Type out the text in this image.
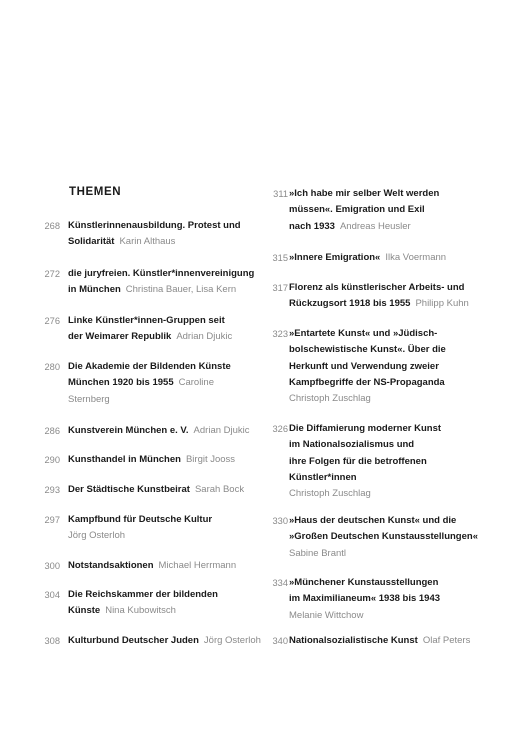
THEMEN
268 Künstlerinnenausbildung. Protest und
Solidarität Karin Althaus
272 die juryfreien. Künstler*innenvereinigung
in München Christina Bauer, Lisa Kern
276 Linke Künstler*innen-Gruppen seit
der Weimarer Republik Adrian Djukic
280 Die Akademie der Bildenden Künste
München 1920 bis 1955 Caroline
Sternberg
286 Kunstverein München e. V. Adrian Djukic
290 Kunsthandel in München Birgit Jooss
293 Der Städtische Kunstbeirat Sarah Bock
297 Kampfbund für Deutsche Kultur
Jörg Osterloh
300 Notstandsaktionen Michael Herrmann
304 Die Reichskammer der bildenden
Künste Nina Kubowitsch
308 Kulturbund Deutscher Juden Jörg Osterloh
311 »Ich habe mir selber Welt werden
müssen«. Emigration und Exil
nach 1933 Andreas Heusler
315 »Innere Emigration« Ilka Voermann
317 Florenz als künstlerischer Arbeits- und
Rückzugsort 1918 bis 1955 Philipp Kuhn
323 »Entartete Kunst« und »Jüdisch-
bolschewistische Kunst«. Über die
Herkunft und Verwendung zweier
Kampfbegriffe der NS-Propaganda
Christoph Zuschlag
326 Die Diffamierung moderner Kunst
im Nationalsozialismus und
ihre Folgen für die betroffenen
Künstler*innen
Christoph Zuschlag
330 »Haus der deutschen Kunst« und die
»Großen Deutschen Kunstausstellungen«
Sabine Brantl
334 »Münchener Kunstausstellungen
im Maximilianeum« 1938 bis 1943
Melanie Wittchow
340 Nationalsozialistische Kunst Olaf Peters
